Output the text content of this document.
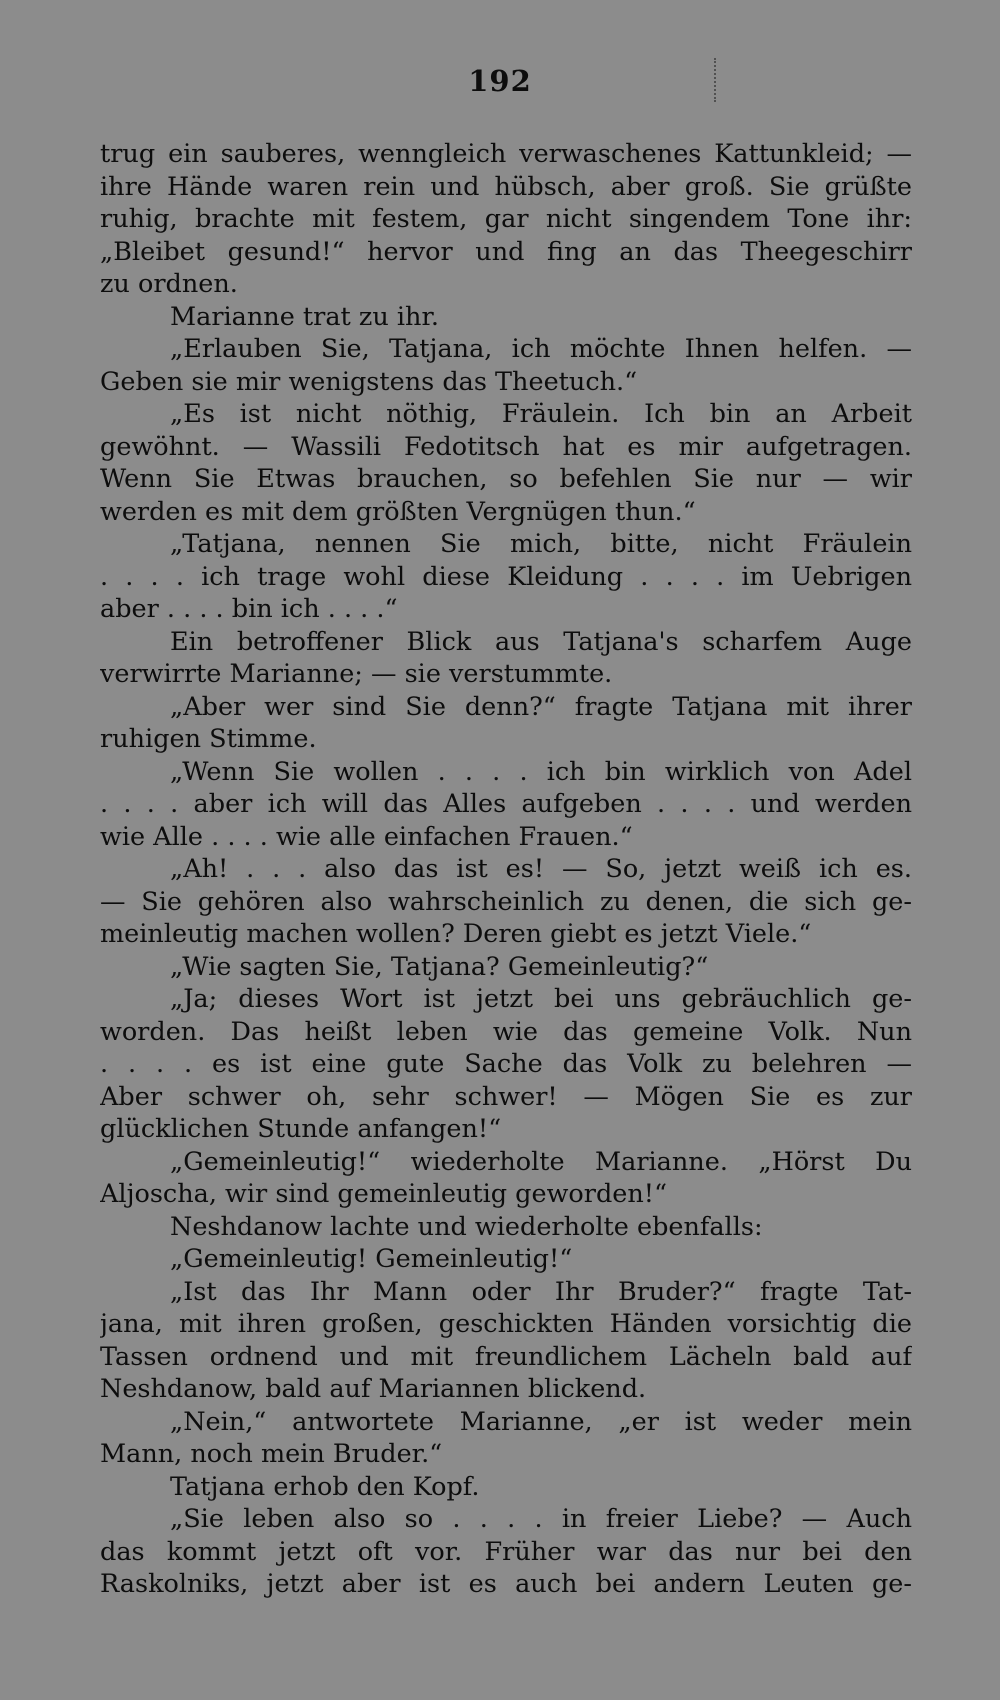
192
trug ein sauberes, wenngleich verwaschenes Kattunkleid; —
ihre Hände waren rein und hübsch, aber groß. Sie grüßte
ruhig, brachte mit festem, gar nicht singendem Tone ihr:
„Bleibet gesund!“ hervor und fing an das Theegeschirr
zu ordnen.
Marianne trat zu ihr.
„Erlauben Sie, Tatjana, ich möchte Ihnen helfen. —
Geben sie mir wenigstens das Theetuch.“
„Es ist nicht nöthig, Fräulein. Ich bin an Arbeit
gewöhnt. — Wassili Fedotitsch hat es mir aufgetragen.
Wenn Sie Etwas brauchen, so befehlen Sie nur — wir
werden es mit dem größten Vergnügen thun.“
„Tatjana, nennen Sie mich, bitte, nicht Fräulein
. . . . ich trage wohl diese Kleidung . . . . im Uebrigen
aber . . . . bin ich . . . .“
Ein betroffener Blick aus Tatjana's scharfem Auge
verwirrte Marianne; — sie verstummte.
„Aber wer sind Sie denn?“ fragte Tatjana mit ihrer
ruhigen Stimme.
„Wenn Sie wollen . . . . ich bin wirklich von Adel
. . . . aber ich will das Alles aufgeben . . . . und werden
wie Alle . . . . wie alle einfachen Frauen.“
„Ah! . . . also das ist es! — So, jetzt weiß ich es.
— Sie gehören also wahrscheinlich zu denen, die sich ge-
meinleutig machen wollen? Deren giebt es jetzt Viele.“
„Wie sagten Sie, Tatjana? Gemeinleutig?“
„Ja; dieses Wort ist jetzt bei uns gebräuchlich ge-
worden. Das heißt leben wie das gemeine Volk. Nun
. . . . es ist eine gute Sache das Volk zu belehren —
Aber schwer oh, sehr schwer! — Mögen Sie es zur
glücklichen Stunde anfangen!“
„Gemeinleutig!“ wiederholte Marianne. „Hörst Du
Aljoscha, wir sind gemeinleutig geworden!“
Neshdanow lachte und wiederholte ebenfalls:
„Gemeinleutig! Gemeinleutig!“
„Ist das Ihr Mann oder Ihr Bruder?“ fragte Tat-
jana, mit ihren großen, geschickten Händen vorsichtig die
Tassen ordnend und mit freundlichem Lächeln bald auf
Neshdanow, bald auf Mariannen blickend.
„Nein,“ antwortete Marianne, „er ist weder mein
Mann, noch mein Bruder.“
Tatjana erhob den Kopf.
„Sie leben also so . . . . in freier Liebe? — Auch
das kommt jetzt oft vor. Früher war das nur bei den
Raskolniks, jetzt aber ist es auch bei andern Leuten ge-
